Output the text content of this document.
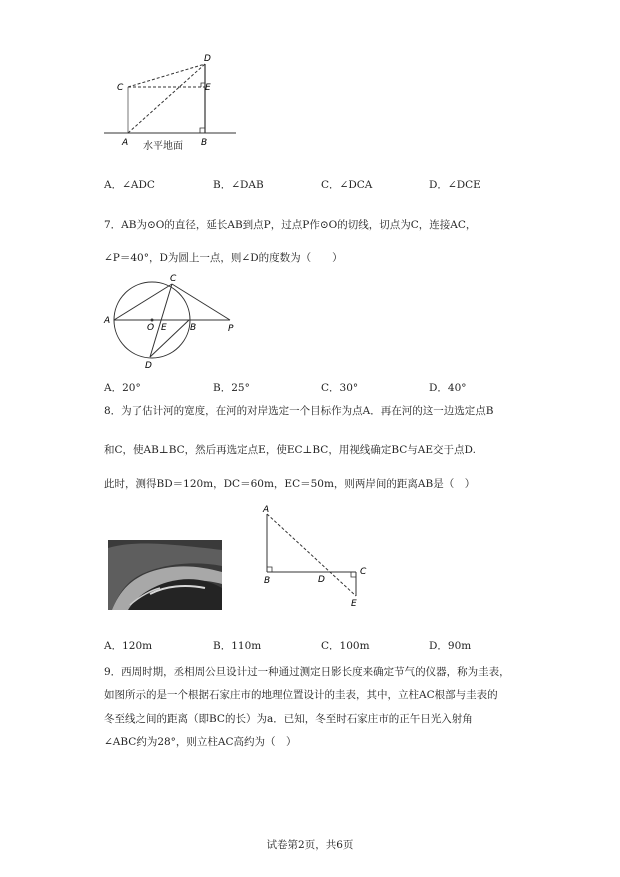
D
C	E
A	B
水平地面
A．∠ADC	B．∠DAB	C．∠DCA	D．∠DCE
7．AB为⊙O的直径，延长AB到点P，过点P作⊙O的切线，切点为C，连接AC，
∠P＝40°，D为圆上一点，则∠D的度数为（　　）
A
C
O E	B	P
D
A．20°	B．25°	C．30°	D．40°
8．为了估计河的宽度，在河的对岸选定一个目标作为点A．再在河的这一边选定点B
和C，使AB⊥BC，然后再选定点E，使EC⊥BC，用视线确定BC与AE交于点D.
此时，测得BD＝120m，DC＝60m，EC＝50m，则两岸间的距离AB是（　）
A
B	D
C
E
A．120m	B．110m	C．100m	D．90m
9．西周时期，丞相周公旦设计过一种通过测定日影长度来确定节气的仪器，称为圭表，
如图所示的是一个根据石家庄市的地理位置设计的圭表，其中，立柱AC根部与圭表的
冬至线之间的距离（即BC的长）为a．已知，冬至时石家庄市的正午日光入射角
∠ABC约为28°，则立柱AC高约为（　）
试卷第2页，共6页
